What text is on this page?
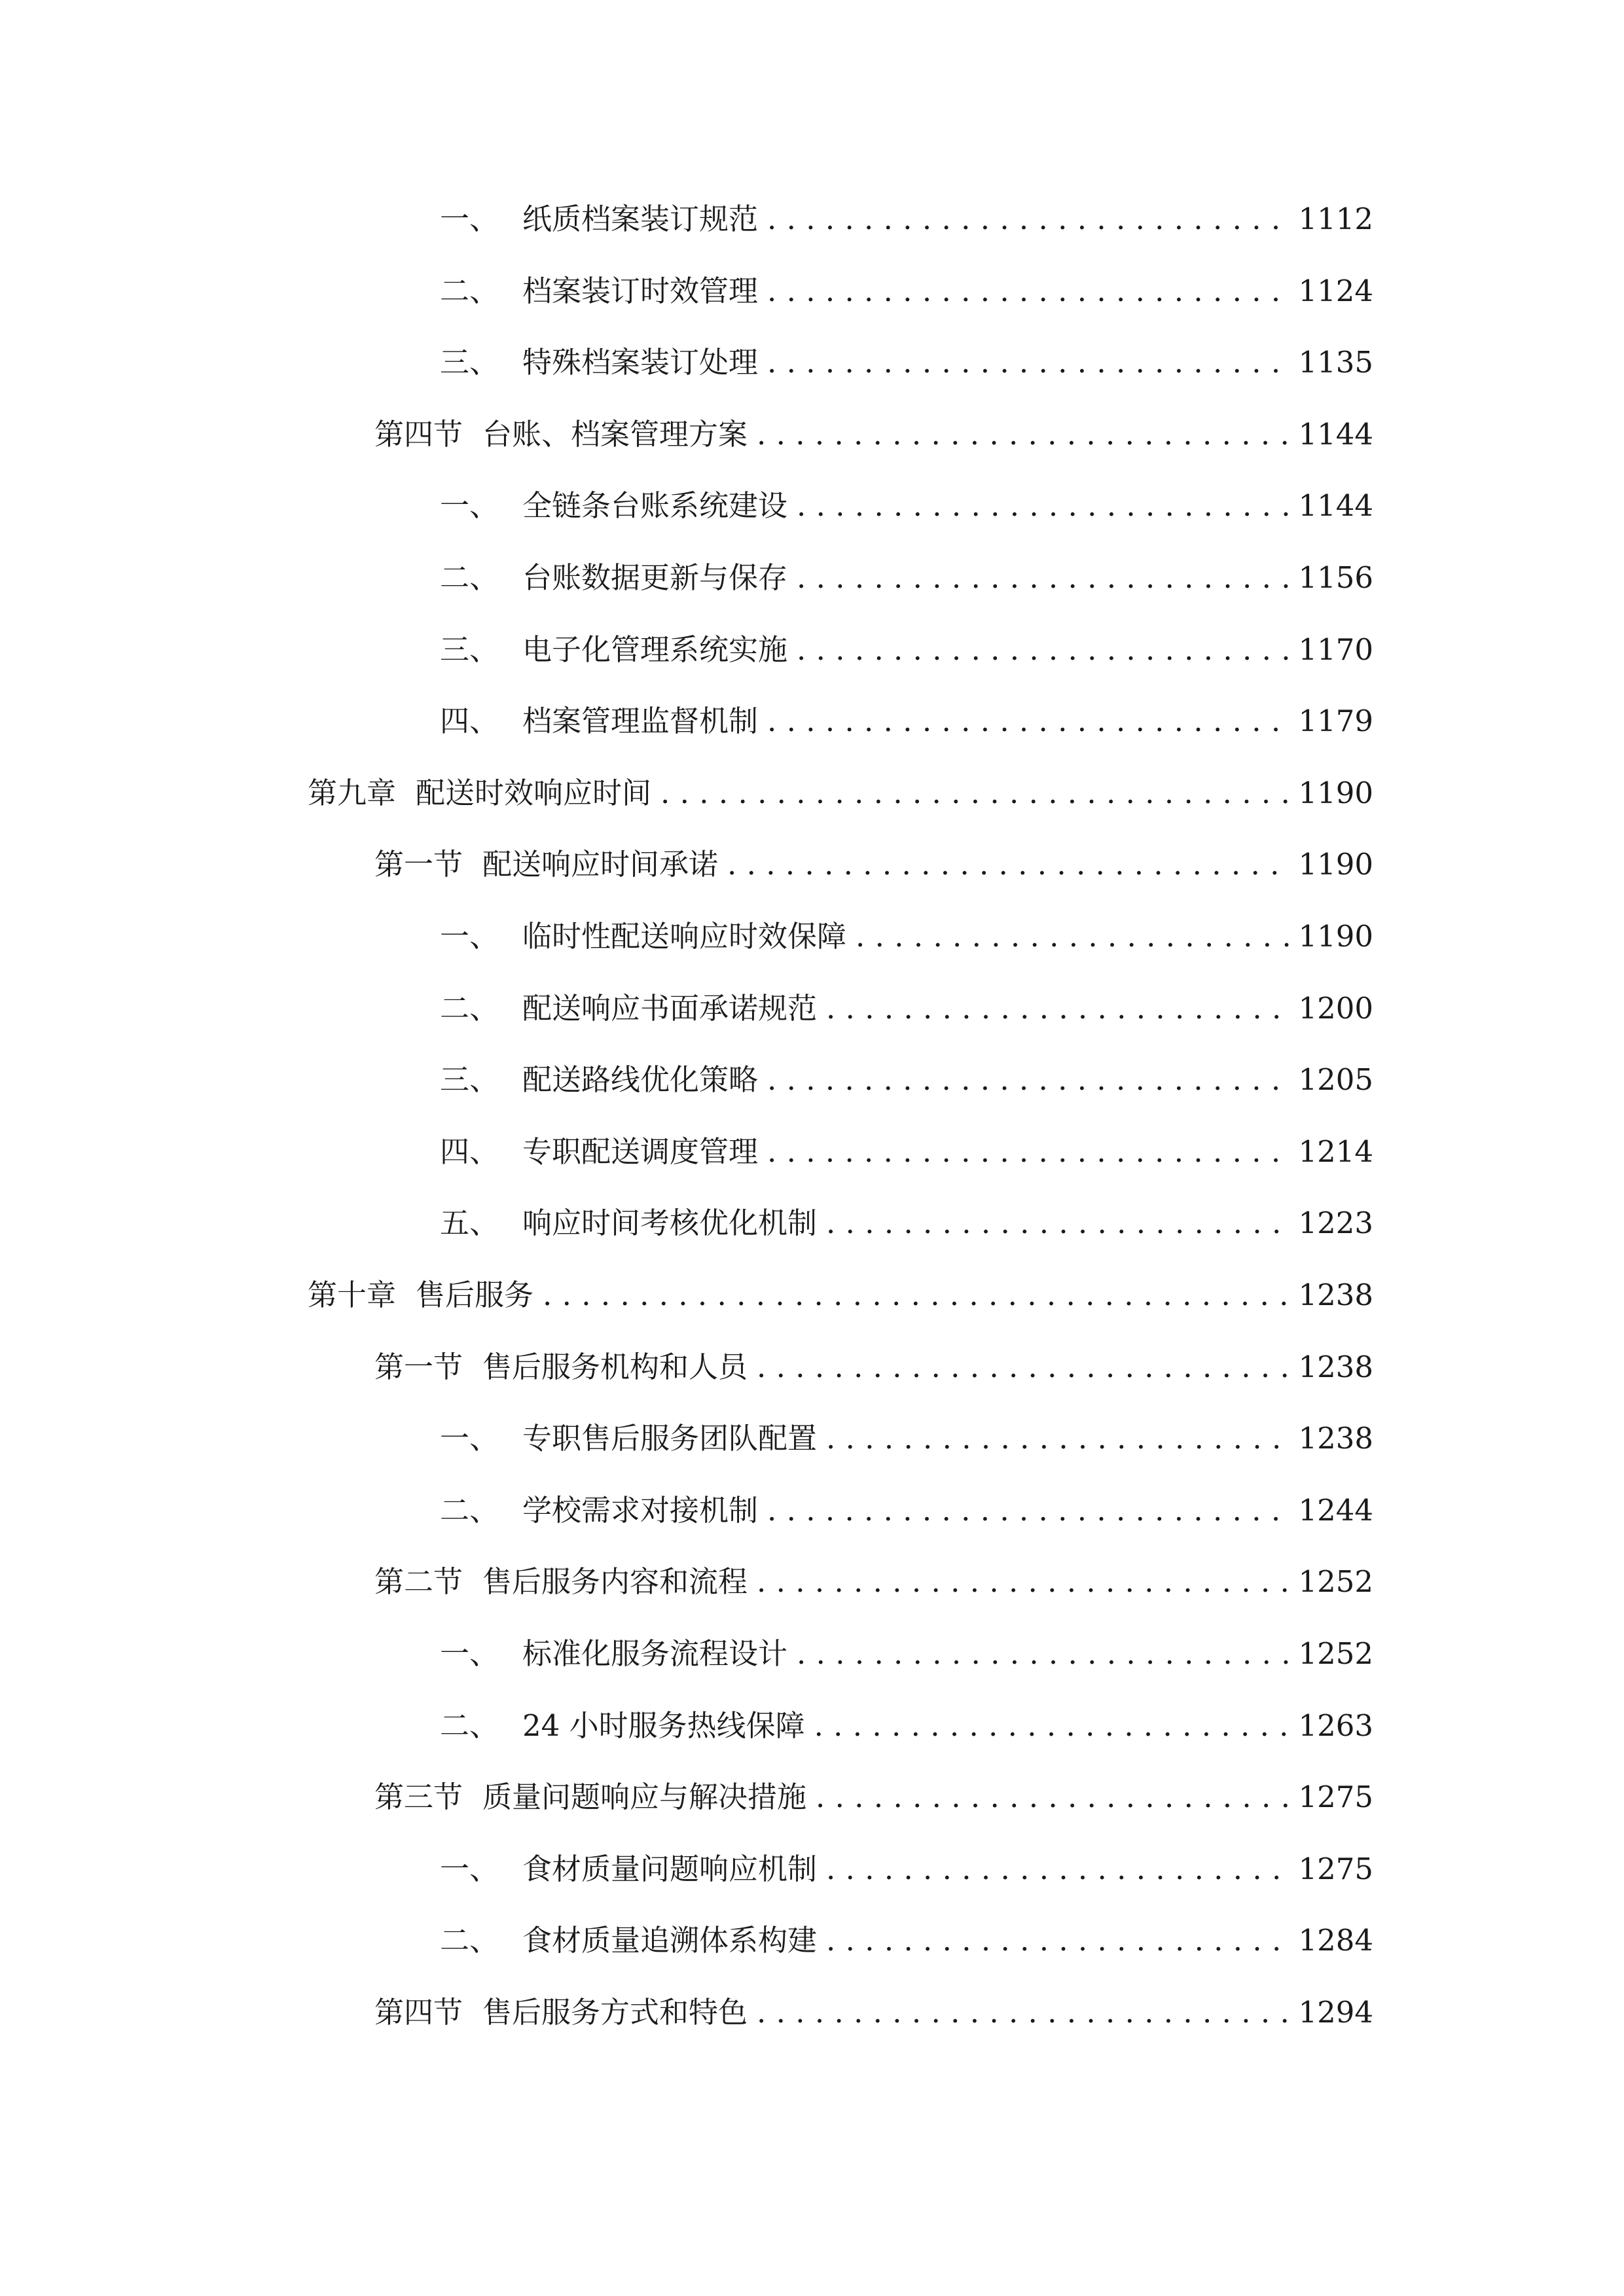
一、 纸质档案装订规范 . . .	1112
二、 档案装订时效管理 . . .	1124
三、 特殊档案装订处理 . . .	1135
第四节 台账、档案管理方案 . . .	1144
一、 全链条台账系统建设 . . .	1144
二、 台账数据更新与保存 . . .	1156
三、 电子化管理系统实施 . . .	1170
四、 档案管理监督机制 . . .	1179
第九章 配送时效响应时间 . . .	1190
第一节 配送响应时间承诺 . . .	1190
一、 临时性配送响应时效保障 . . .	1190
二、 配送响应书面承诺规范 . . .	1200
三、 配送路线优化策略 . . .	1205
四、 专职配送调度管理 . . .	1214
五、 响应时间考核优化机制 . . .	1223
第十章 售后服务 . . .	1238
第一节 售后服务机构和人员 . . .	1238
一、 专职售后服务团队配置 . . .	1238
二、 学校需求对接机制 . . .	1244
第二节 售后服务内容和流程 . . .	1252
一、 标准化服务流程设计 . . .	1252
二、 24 小时服务热线保障 . . .	1263
第三节 质量问题响应与解决措施 . . .	1275
一、 食材质量问题响应机制 . . .	1275
二、 食材质量追溯体系构建 . . .	1284
第四节 售后服务方式和特色 . . .	1294
